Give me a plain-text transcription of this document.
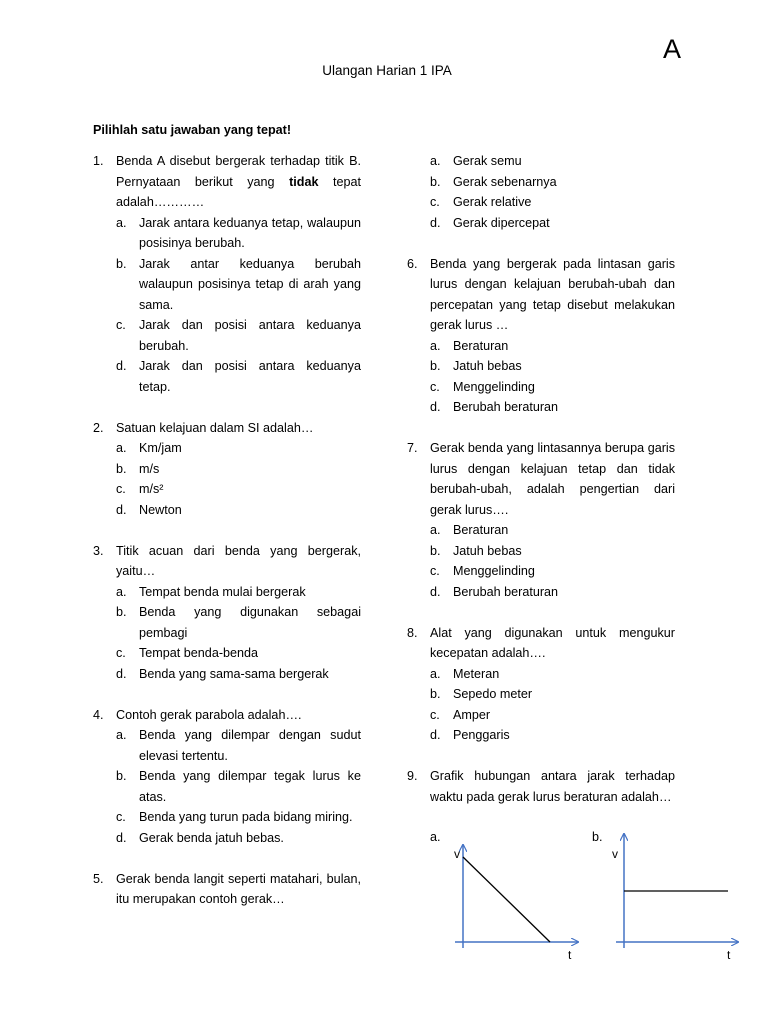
A
Ulangan Harian 1 IPA
Pilihlah satu jawaban yang tepat!
1. Benda A disebut bergerak terhadap titik B. Pernyataan berikut yang tidak tepat adalah…………
a. Jarak antara keduanya tetap, walaupun posisinya berubah.
b. Jarak antar keduanya berubah walaupun posisinya tetap di arah yang sama.
c.	Jarak dan posisi antara keduanya berubah.
d. Jarak dan posisi antara keduanya tetap.
2. Satuan kelajuan dalam SI adalah…
a. Km/jam
b. m/s
c.	m/s²
d. Newton
3. Titik acuan dari benda yang bergerak, yaitu…
a. Tempat benda mulai bergerak
b. Benda yang digunakan sebagai pembagi
c.	Tempat benda-benda
d. Benda yang sama-sama bergerak
4. Contoh gerak parabola adalah….
a. Benda yang dilempar dengan sudut elevasi tertentu.
b. Benda yang dilempar tegak lurus ke atas.
c.	Benda yang turun pada bidang miring.
d. Gerak benda jatuh bebas.
5. Gerak benda langit seperti matahari, bulan, itu merupakan contoh gerak…
a. Gerak semu
b. Gerak sebenarnya
c.	Gerak relative
d. Gerak dipercepat
6. Benda yang bergerak pada lintasan garis lurus dengan kelajuan berubah-ubah dan percepatan yang tetap disebut melakukan gerak lurus …
a. Beraturan
b. Jatuh bebas
c.	Menggelinding
d. Berubah beraturan
7. Gerak benda yang lintasannya berupa garis lurus dengan kelajuan tetap dan tidak berubah-ubah, adalah pengertian dari gerak lurus….
a. Beraturan
b. Jatuh bebas
c.	Menggelinding
d. Berubah beraturan
8. Alat yang digunakan untuk mengukur kecepatan adalah….
a. Meteran
b. Sepedo meter
c.	Amper
d. Penggaris
9. Grafik hubungan antara jarak terhadap waktu pada gerak lurus beraturan adalah…
a.	b.
v
t
v
t
